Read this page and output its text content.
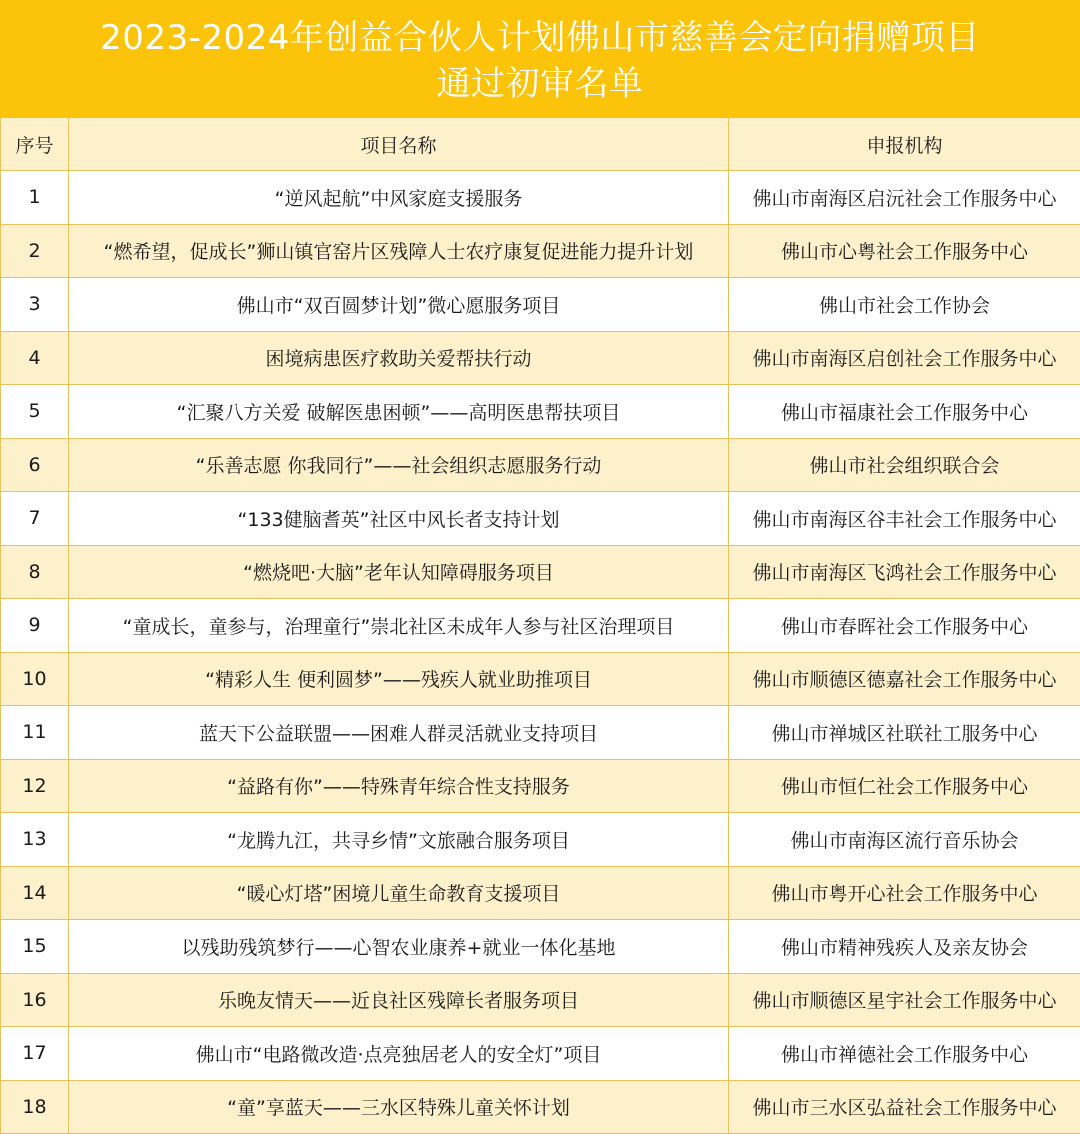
2023-2024年创益合伙人计划佛山市慈善会定向捐赠项目
通过初审名单
序号	项目名称	申报机构
1	“逆风起航”中风家庭支援服务	佛山市南海区启沅社会工作服务中心
2	“燃希望，促成长”狮山镇官窑片区残障人士农疗康复促进能力提升计划	佛山市心粤社会工作服务中心
3	佛山市“双百圆梦计划”微心愿服务项目	佛山市社会工作协会
4	困境病患医疗救助关爱帮扶行动	佛山市南海区启创社会工作服务中心
5	“汇聚八方关爱 破解医患困顿”——高明医患帮扶项目	佛山市福康社会工作服务中心
6	“乐善志愿 你我同行”——社会组织志愿服务行动	佛山市社会组织联合会
7	“133健脑耆英”社区中风长者支持计划	佛山市南海区谷丰社会工作服务中心
8	“燃烧吧·大脑”老年认知障碍服务项目	佛山市南海区飞鸿社会工作服务中心
9	“童成长，童参与，治理童行”崇北社区未成年人参与社区治理项目	佛山市春晖社会工作服务中心
10	“精彩人生 便利圆梦”——残疾人就业助推项目	佛山市顺德区德嘉社会工作服务中心
11	蓝天下公益联盟——困难人群灵活就业支持项目	佛山市禅城区社联社工服务中心
12	“益路有你”——特殊青年综合性支持服务	佛山市恒仁社会工作服务中心
13	“龙腾九江，共寻乡情”文旅融合服务项目	佛山市南海区流行音乐协会
14	“暖心灯塔”困境儿童生命教育支援项目	佛山市粤开心社会工作服务中心
15	以残助残筑梦行——心智农业康养+就业一体化基地	佛山市精神残疾人及亲友协会
16	乐晚友情天——近良社区残障长者服务项目	佛山市顺德区星宇社会工作服务中心
17	佛山市“电路微改造·点亮独居老人的安全灯”项目	佛山市禅德社会工作服务中心
18	“童”享蓝天——三水区特殊儿童关怀计划	佛山市三水区弘益社会工作服务中心
